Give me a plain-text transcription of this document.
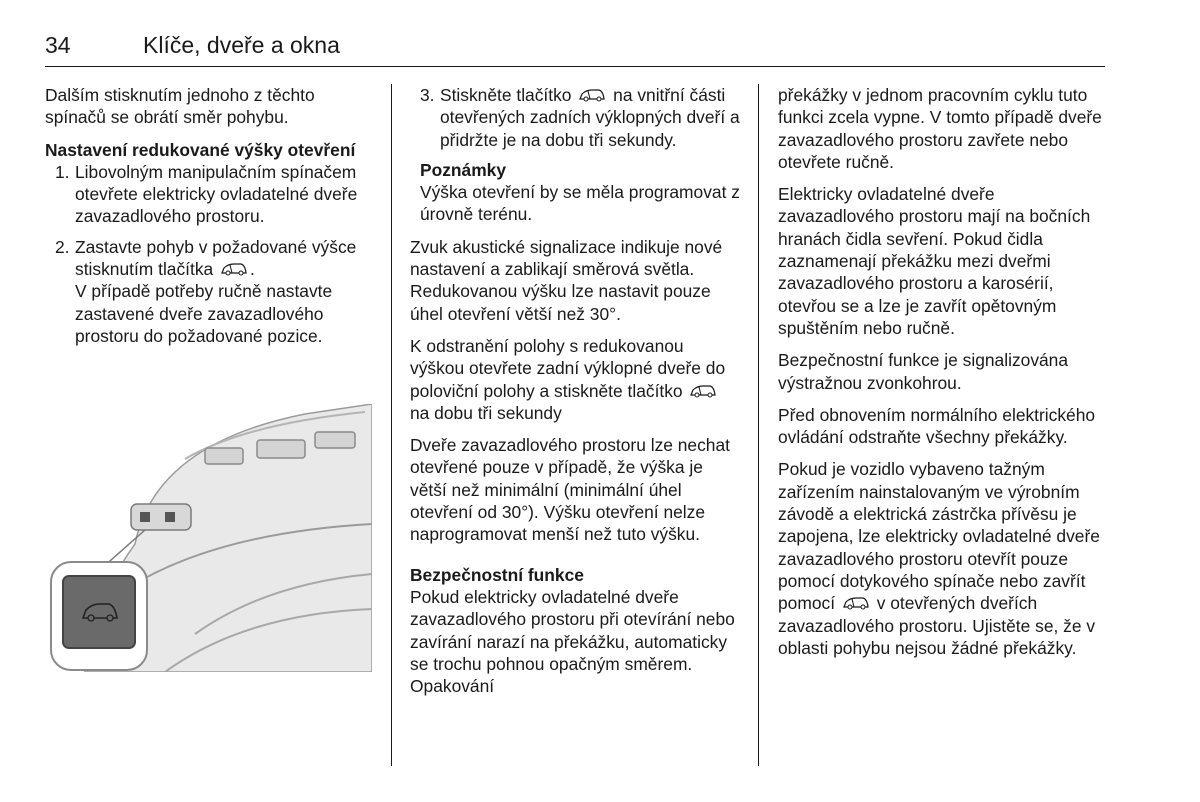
34	Klíče, dveře a okna

Dalším stisknutím jednoho z těchto spínačů se obrátí směr pohybu.

Nastavení redukované výšky otevření

1. Libovolným manipulačním spínačem otevřete elektricky ovladatelné dveře zavazadlového prostoru.
2. Zastavte pohyb v požadované výšce stisknutím tlačítka .
V případě potřeby ručně nastavte zastavené dveře zavazadlového prostoru do požadované pozice.
3. Stiskněte tlačítko na vnitřní části otevřených zadních výklopných dveří a přidržte je na dobu tři sekundy.
Poznámky
Výška otevření by se měla programovat z úrovně terénu.

Zvuk akustické signalizace indikuje nové nastavení a zablikají směrová světla. Redukovanou výšku lze nastavit pouze úhel otevření větší než 30°.

K odstranění polohy s redukovanou výškou otevřete zadní výklopné dveře do poloviční polohy a stiskněte tlačítko  na dobu tři sekundy

Dveře zavazadlového prostoru lze nechat otevřené pouze v případě, že výška je větší než minimální (minimální úhel otevření od 30°). Výšku otevření nelze naprogramovat menší než tuto výšku.

Bezpečnostní funkce

Pokud elektricky ovladatelné dveře zavazadlového prostoru při otevírání nebo zavírání narazí na překážku, automaticky se trochu pohnou opačným směrem. Opakování

překážky v jednom pracovním cyklu tuto funkci zcela vypne. V tomto případě dveře zavazadlového prostoru zavřete nebo otevřete ručně.

Elektricky ovladatelné dveře zavazadlového prostoru mají na bočních hranách čidla sevření. Pokud čidla zaznamenají překážku mezi dveřmi zavazadlového prostoru a karosérií, otevřou se a lze je zavřít opětovným spuštěním nebo ručně.

Bezpečnostní funkce je signalizována výstražnou zvonkohrou.

Před obnovením normálního elektrického ovládání odstraňte všechny překážky.

Pokud je vozidlo vybaveno tažným zařízením nainstalovaným ve výrobním závodě a elektrická zástrčka přívěsu je zapojena, lze elektricky ovladatelné dveře zavazadlového prostoru otevřít pouze pomocí dotykového spínače nebo zavřít pomocí v otevřených dveřích zavazadlového prostoru. Ujistěte se, že v oblasti pohybu nejsou žádné překážky.
